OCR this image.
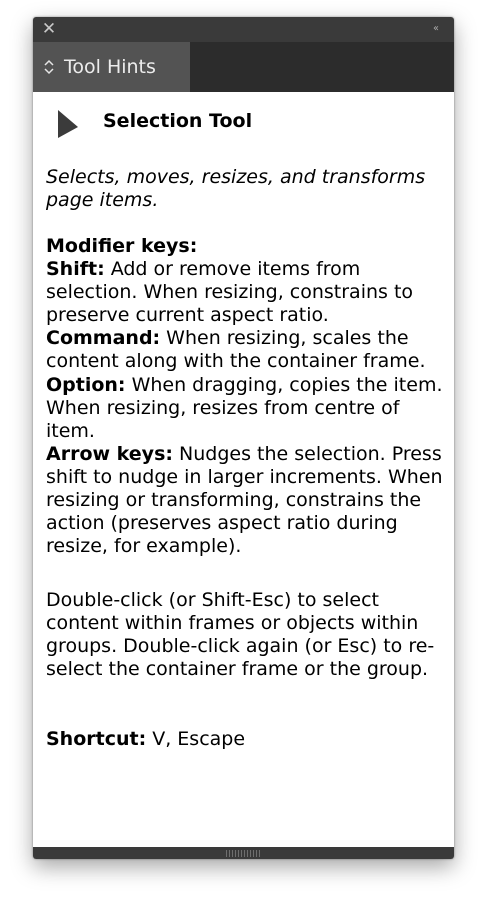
✕	‹‹
Tool Hints
Selection Tool
Selects, moves, resizes, and transforms page items.
Modifier keys:
Shift: Add or remove items from selection. When resizing, constrains to preserve current aspect ratio.
Command: When resizing, scales the content along with the container frame.
Option: When dragging, copies the item. When resizing, resizes from centre of item.
Arrow keys: Nudges the selection. Press shift to nudge in larger increments. When resizing or transforming, constrains the action (preserves aspect ratio during resize, for example).
Double-click (or Shift-Esc) to select content within frames or objects within groups. Double-click again (or Esc) to re-select the container frame or the group.
Shortcut: V, Escape
